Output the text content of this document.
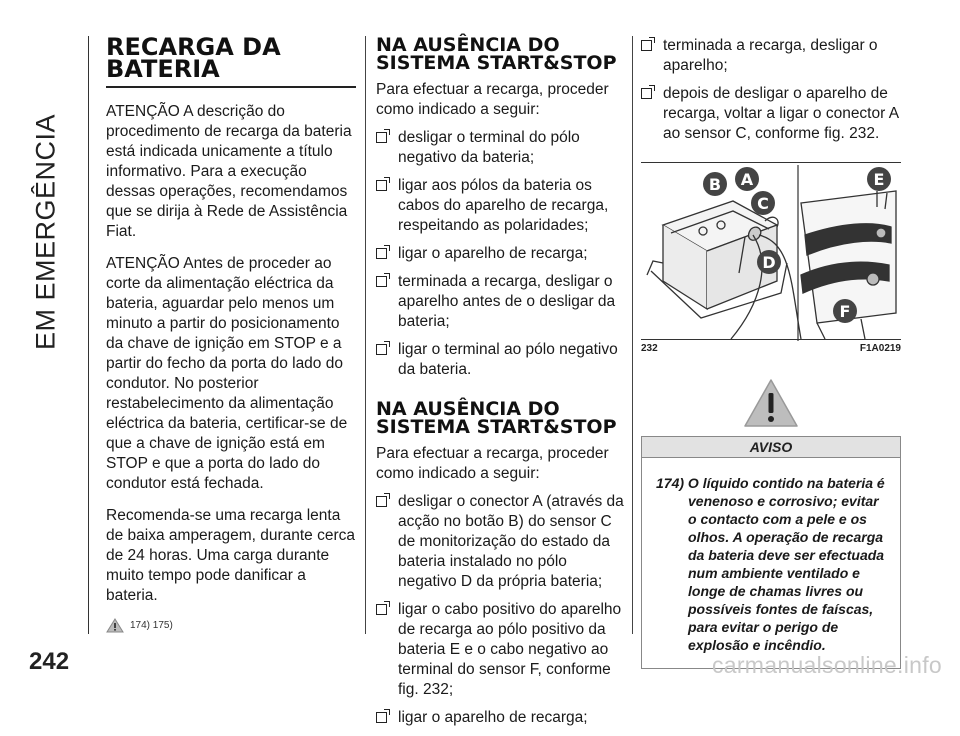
EM EMERGÊNCIA
242
RECARGA DA
BATERIA

ATENÇÃO A descrição do procedimento de recarga da bateria está indicada unicamente a título informativo. Para a execução dessas operações, recomendamos que se dirija à Rede de Assistência Fiat.

ATENÇÃO Antes de proceder ao corte da alimentação eléctrica da bateria, aguardar pelo menos um minuto a partir do posicionamento da chave de ignição em STOP e a partir do fecho da porta do lado do condutor. No posterior restabelecimento da alimentação eléctrica da bateria, certificar-se de que a chave de ignição está em STOP e que a porta do lado do condutor está fechada.

Recomenda-se uma recarga lenta de baixa amperagem, durante cerca de 24 horas. Uma carga durante muito tempo pode danificar a bateria.

174) 175)
NA AUSÊNCIA DO
SISTEMA START&STOP

Para efectuar a recarga, proceder como indicado a seguir:

desligar o terminal do pólo negativo da bateria;
ligar aos pólos da bateria os cabos do aparelho de recarga, respeitando as polaridades;
ligar o aparelho de recarga;
terminada a recarga, desligar o aparelho antes de o desligar da bateria;
ligar o terminal ao pólo negativo da bateria.
NA AUSÊNCIA DO
SISTEMA START&STOP

Para efectuar a recarga, proceder como indicado a seguir:

desligar o conector A (através da acção no botão B) do sensor C de monitorização do estado da bateria instalado no pólo negativo D da própria bateria;
ligar o cabo positivo do aparelho de recarga ao pólo positivo da bateria E e o cabo negativo ao terminal do sensor F, conforme fig. 232;
ligar o aparelho de recarga;
terminada a recarga, desligar o aparelho;
depois de desligar o aparelho de recarga, voltar a ligar o conector A ao sensor C, conforme fig. 232.
B A
C
D
E
F
232	F1A0219
AVISO

174) O líquido contido na bateria é venenoso e corrosivo; evitar o contacto com a pele e os olhos. A operação de recarga da bateria deve ser efectuada num ambiente ventilado e longe de chamas livres ou possíveis fontes de faíscas, para evitar o perigo de explosão e incêndio.

carmanualsonline.info
